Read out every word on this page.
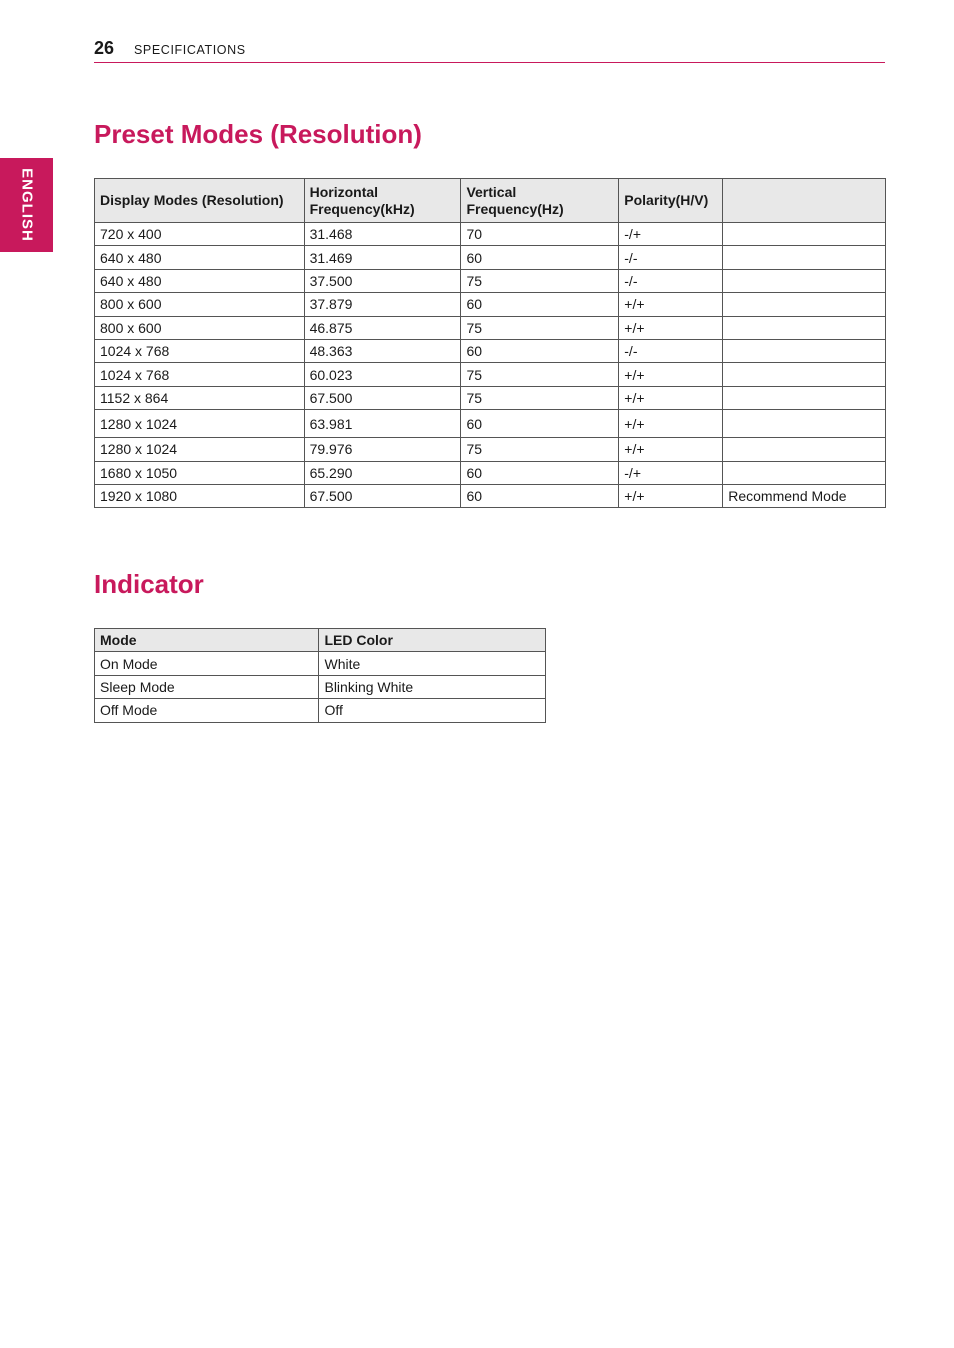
26 SPECIFICATIONS
ENGLISH
Preset Modes (Resolution)
Display Modes (Resolution)	Horizontal Frequency(kHz)	Vertical Frequency(Hz)	Polarity(H/V)	
720 x 400	31.468	70	-/+	
640 x 480	31.469	60	-/-	
640 x 480	37.500	75	-/-	
800 x 600	37.879	60	+/+	
800 x 600	46.875	75	+/+	
1024 x 768	48.363	60	-/-	
1024 x 768	60.023	75	+/+	
1152 x 864	67.500	75	+/+	
1280 x 1024	63.981	60	+/+	
1280 x 1024	79.976	75	+/+	
1680 x 1050	65.290	60	-/+	
1920 x 1080	67.500	60	+/+	Recommend Mode
Indicator
Mode	LED Color
On Mode	White
Sleep Mode	Blinking White
Off Mode	Off
